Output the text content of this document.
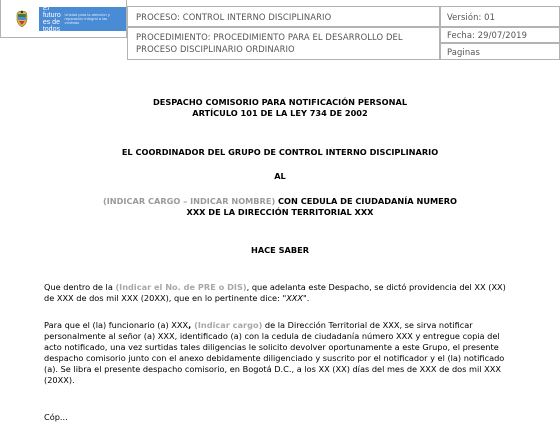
El futuro es de todos
Unidad para la atención y reparación integral a las víctimas
PROCESO: CONTROL INTERNO DISCIPLINARIO	Versión: 01
PROCEDIMIENTO: PROCEDIMIENTO PARA EL DESARROLLO DEL PROCESO DISCIPLINARIO ORDINARIO
Fecha: 29/07/2019
Paginas
DESPACHO COMISORIO PARA NOTIFICACIÓN PERSONAL
ARTÍCULO 101 DE LA LEY 734 DE 2002
EL COORDINADOR DEL GRUPO DE CONTROL INTERNO DISCIPLINARIO
AL
(INDICAR CARGO – INDICAR NOMBRE) CON CEDULA DE CIUDADANÍA NUMERO
XXX DE LA DIRECCIÓN TERRITORIAL XXX
HACE SABER
Que dentro de la (Indicar el No. de PRE o DIS), que adelanta este Despacho, se dictó providencia del XX (XX) de XXX de dos mil XXX (20XX), que en lo pertinente dice: "XXX".
Para que el (la) funcionario (a) XXX, (Indicar cargo) de la Dirección Territorial de XXX, se sirva notificar personalmente al señor (a) XXX, identificado (a) con la cedula de ciudadanía número XXX y entregue copia del acto notificado, una vez surtidas tales diligencias le solicito devolver oportunamente a este Grupo, el presente despacho comisorio junto con el anexo debidamente diligenciado y suscrito por el notificador y el (la) notificado (a). Se libra el presente despacho comisorio, en Bogotá D.C., a los XX (XX) días del mes de XXX de dos mil XXX (20XX).
Cóp...
